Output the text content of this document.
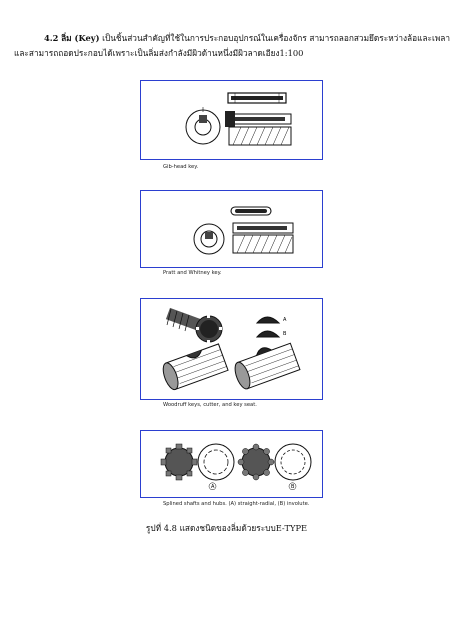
4.2 ลิ่ม (Key) เป็นชิ้นส่วนสำคัญที่ใช้ในการประกอบอุปกรณ์ในเครื่องจักร สามารถลอกสวมยึดระหว่างล้อและเพลา
และสามารถถอดประกอบได้เพราะเป็นลิ่มส่งกำลังมีผิวด้านหนึ่งมีผิวลาดเอียง1:100
Gib-head key.
Pratt and Whitney key.
A
B
Woodruff keys, cutter, and key seat.
A	B
Splined shafts and hubs. (A) straight-radial, (B) involute.
รูปที่ 4.8 แสดงชนิดของลิ่มด้วยระบบE-TYPE
